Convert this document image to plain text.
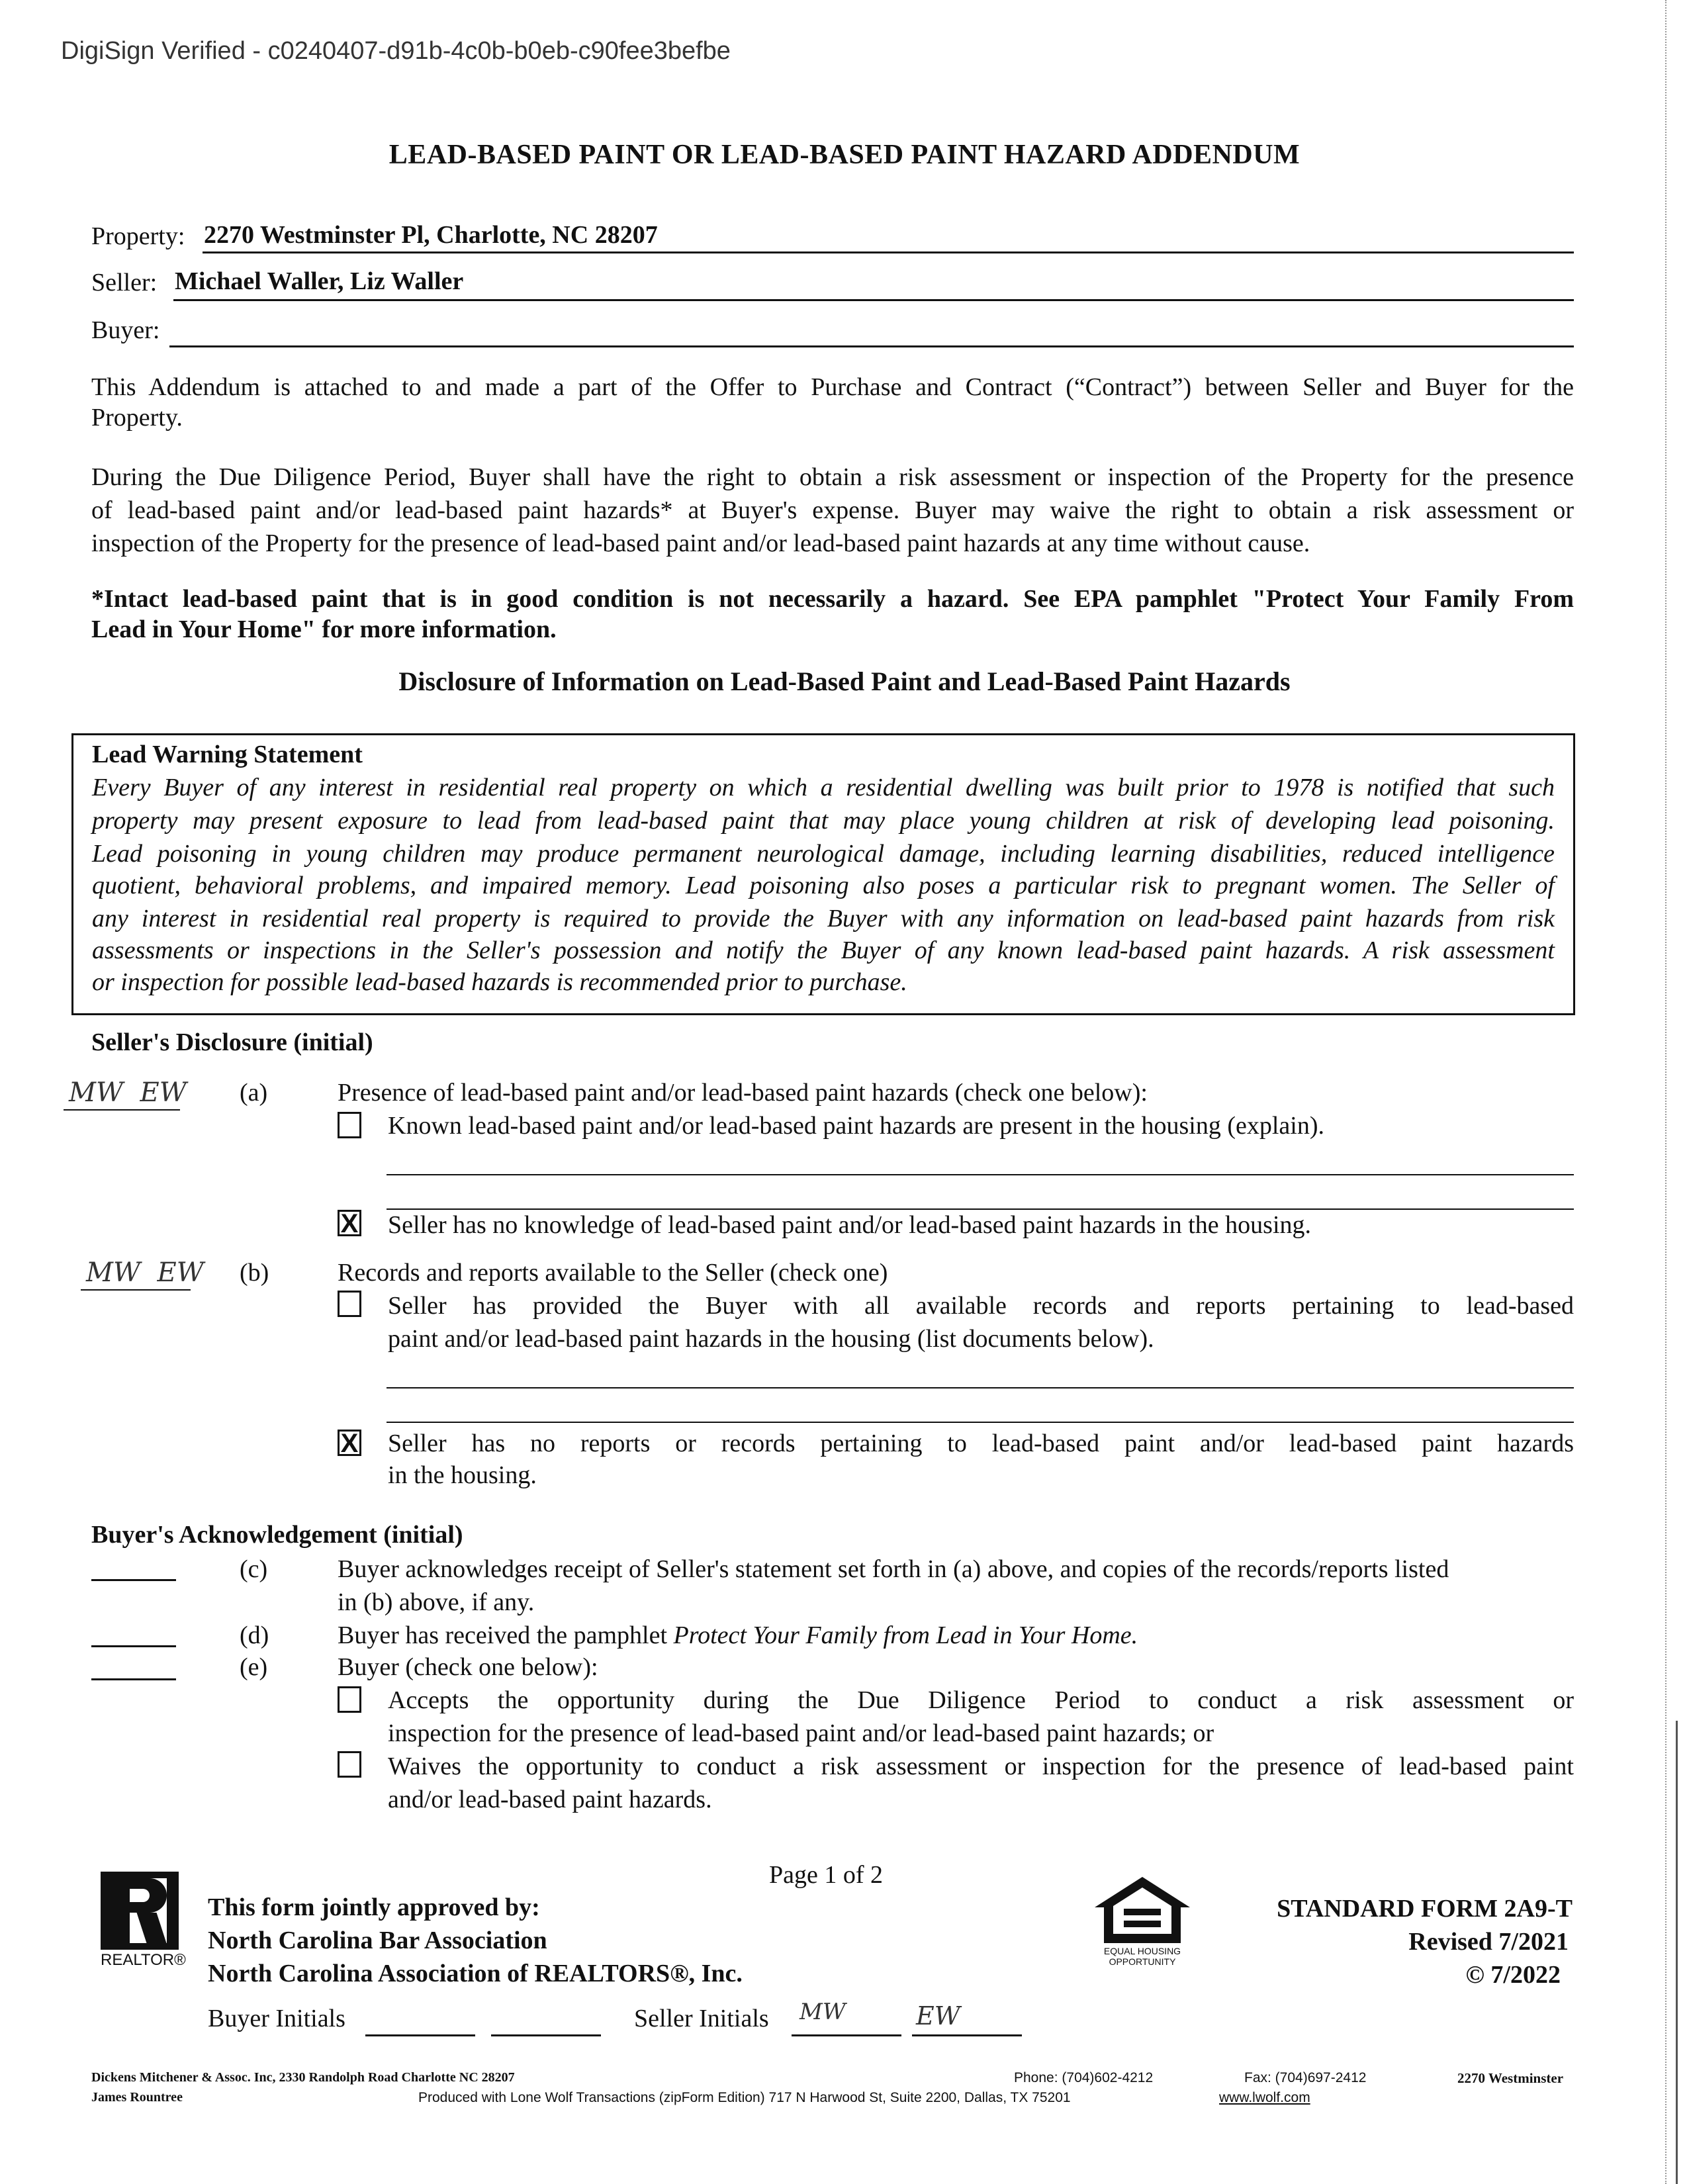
DigiSign Verified - c0240407-d91b-4c0b-b0eb-c90fee3befbe
LEAD-BASED PAINT OR LEAD-BASED PAINT HAZARD ADDENDUM
Property: 2270 Westminster Pl, Charlotte, NC 28207
Seller: Michael Waller, Liz Waller
Buyer:
This Addendum is attached to and made a part of the Offer to Purchase and Contract (“Contract”) between Seller and Buyer for the
Property.
During the Due Diligence Period, Buyer shall have the right to obtain a risk assessment or inspection of the Property for the presence
of lead-based paint and/or lead-based paint hazards* at Buyer's expense. Buyer may waive the right to obtain a risk assessment or
inspection of the Property for the presence of lead-based paint and/or lead-based paint hazards at any time without cause.
*Intact lead-based paint that is in good condition is not necessarily a hazard. See EPA pamphlet "Protect Your Family From
Lead in Your Home" for more information.
Disclosure of Information on Lead-Based Paint and Lead-Based Paint Hazards
Lead Warning Statement
Every Buyer of any interest in residential real property on which a residential dwelling was built prior to 1978 is notified that such
property may present exposure to lead from lead-based paint that may place young children at risk of developing lead poisoning.
Lead poisoning in young children may produce permanent neurological damage, including learning disabilities, reduced intelligence
quotient, behavioral problems, and impaired memory. Lead poisoning also poses a particular risk to pregnant women. The Seller of
any interest in residential real property is required to provide the Buyer with any information on lead-based paint hazards from risk
assessments or inspections in the Seller's possession and notify the Buyer of any known lead-based paint hazards. A risk assessment
or inspection for possible lead-based hazards is recommended prior to purchase.
Seller's Disclosure (initial)
MW  EW (a)	Presence of lead-based paint and/or lead-based paint hazards (check one below):
Known lead-based paint and/or lead-based paint hazards are present in the housing (explain).
X Seller has no knowledge of lead-based paint and/or lead-based paint hazards in the housing.
MW  EW (b)	Records and reports available to the Seller (check one)
Seller has provided the Buyer with all available records and reports pertaining to lead-based
paint and/or lead-based paint hazards in the housing (list documents below).
X Seller has no reports or records pertaining to lead-based paint and/or lead-based paint hazards
in the housing.
Buyer's Acknowledgement (initial)
(c)	Buyer acknowledges receipt of Seller's statement set forth in (a) above, and copies of the records/reports listed
in (b) above, if any.
(d)	Buyer has received the pamphlet Protect Your Family from Lead in Your Home.
(e)	Buyer (check one below):
Accepts the opportunity during the Due Diligence Period to conduct a risk assessment or
inspection for the presence of lead-based paint and/or lead-based paint hazards; or
Waives the opportunity to conduct a risk assessment or inspection for the presence of lead-based paint
and/or lead-based paint hazards.
Page 1 of 2
REALTOR®
This form jointly approved by:
North Carolina Bar Association
North Carolina Association of REALTORS®, Inc.
EQUAL HOUSING
OPPORTUNITY
STANDARD FORM 2A9-T
Revised 7/2021
© 7/2022
Buyer Initials	Seller Initials MW	EW
Dickens Mitchener & Assoc. Inc, 2330 Randolph Road Charlotte NC 28207	Phone: (704)602-4212	Fax: (704)697-2412	2270 Westminster
James Rountree	Produced with Lone Wolf Transactions (zipForm Edition) 717 N Harwood St, Suite 2200, Dallas, TX 75201	www.lwolf.com
